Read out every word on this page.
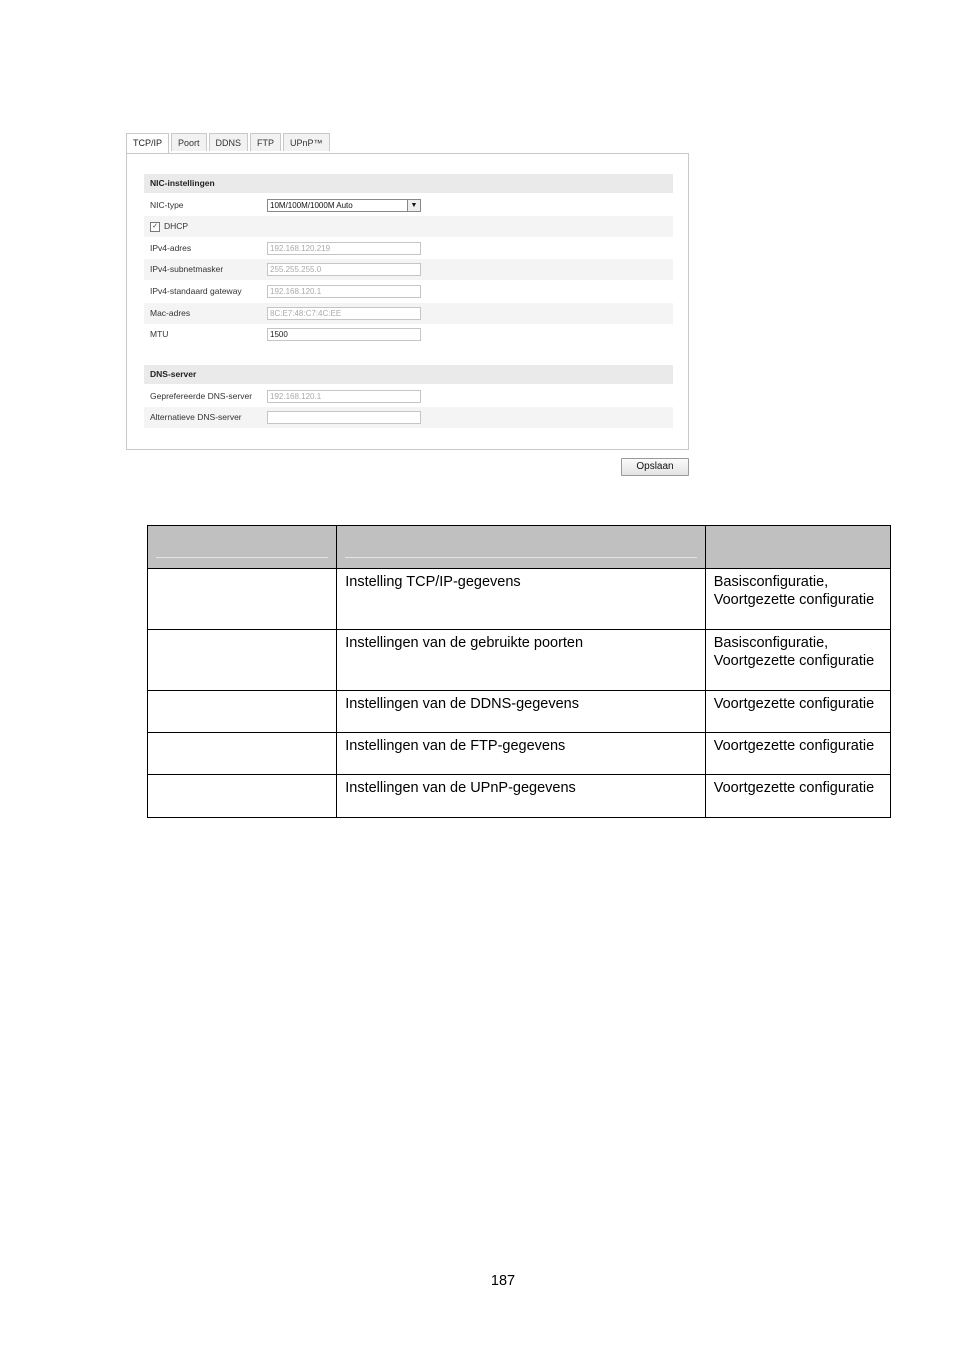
TCP/IP	Poort	DDNS	FTP	UPnP™
NIC-instellingen
NIC-type	10M/100M/1000M Auto	▼
✓ DHCP
IPv4-adres	192.168.120.219
IPv4-subnetmasker	255.255.255.0
IPv4-standaard gateway	192.168.120.1
Mac-adres	8C:E7:48:C7:4C:EE
MTU	1500
DNS-server
Geprefereerde DNS-server	192.168.120.1
Alternatieve DNS-server
Opslaan

	Instelling TCP/IP-gegevens	Basisconfiguratie, Voortgezette configuratie
	Instellingen van de gebruikte poorten	Basisconfiguratie, Voortgezette configuratie
	Instellingen van de DDNS-gegevens	Voortgezette configuratie
	Instellingen van de FTP-gegevens	Voortgezette configuratie
	Instellingen van de UPnP-gegevens	Voortgezette configuratie
187
